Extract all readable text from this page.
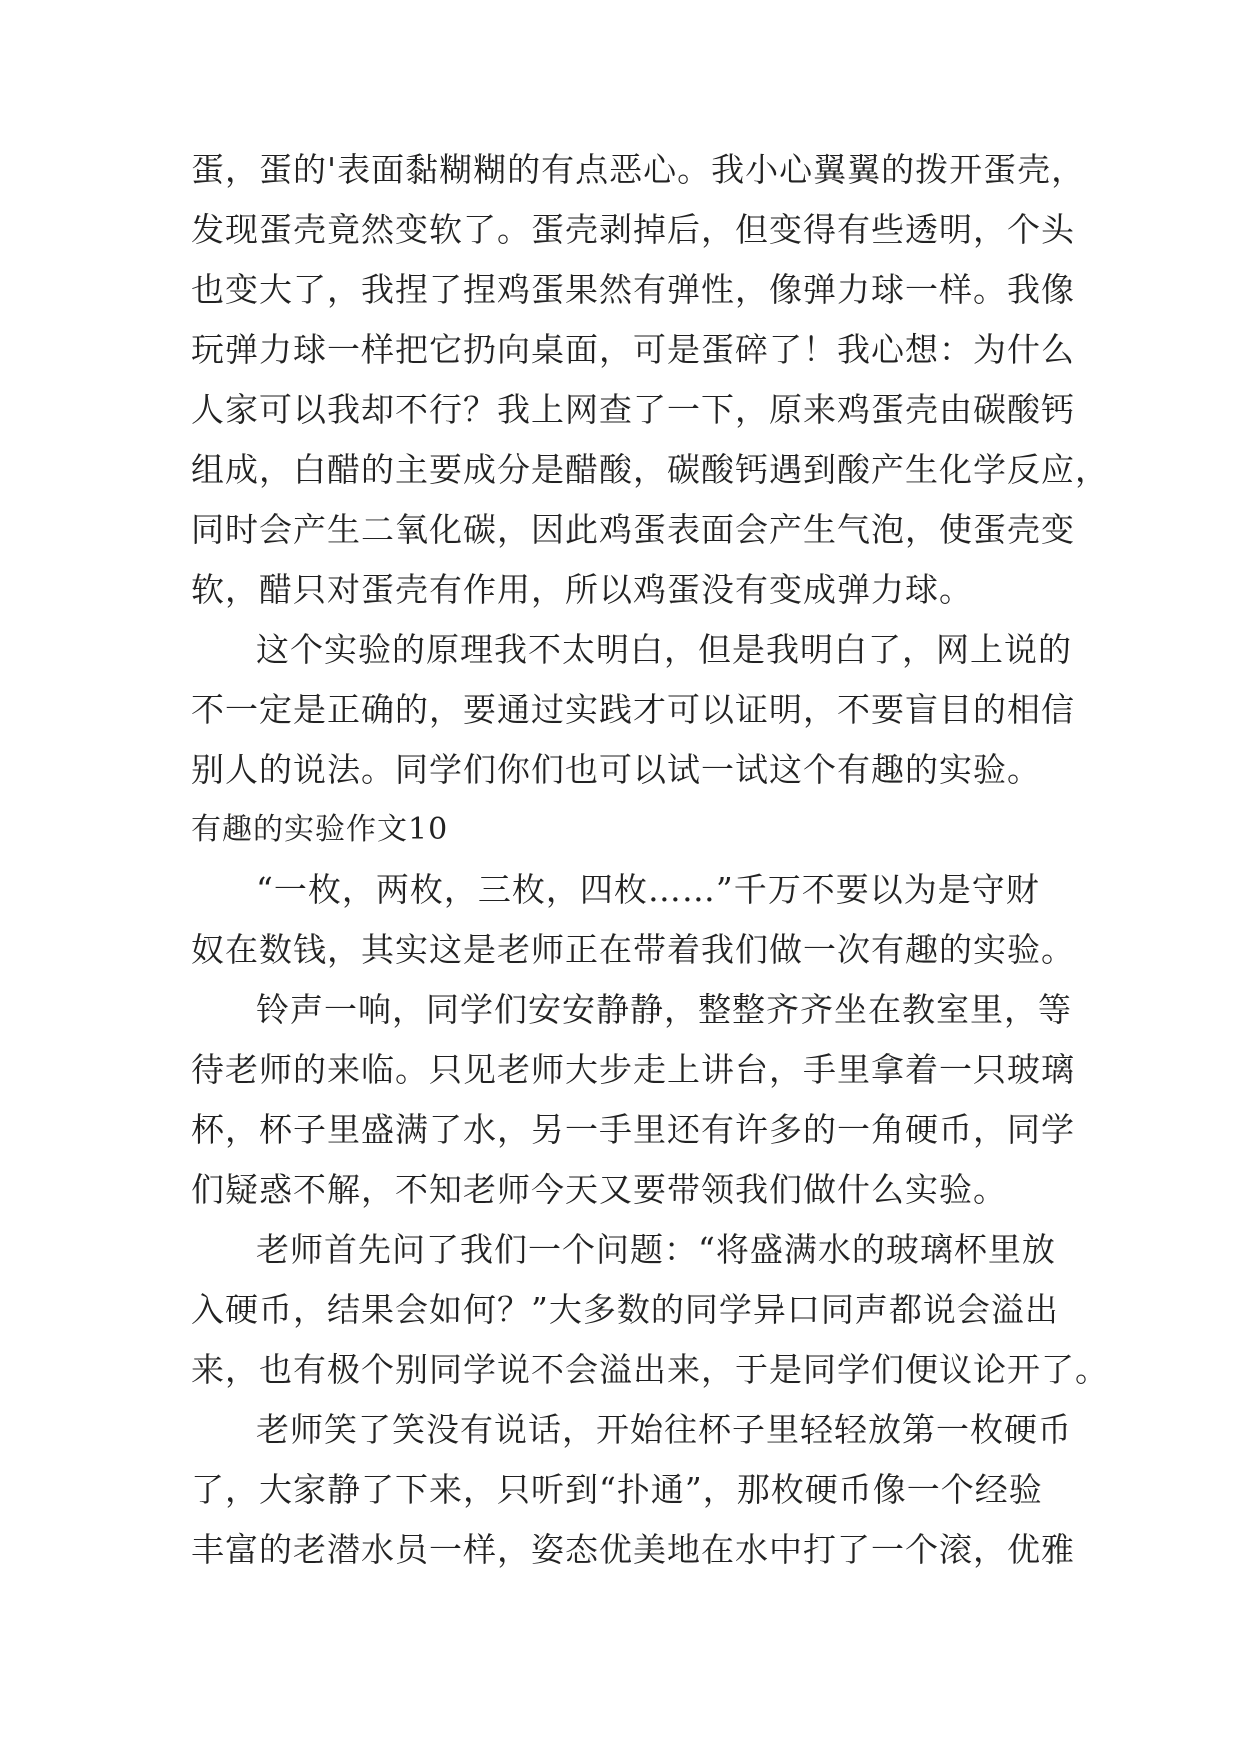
蛋，蛋的'表面黏糊糊的有点恶心。我小心翼翼的拨开蛋壳，
发现蛋壳竟然变软了。蛋壳剥掉后，但变得有些透明，个头
也变大了，我捏了捏鸡蛋果然有弹性，像弹力球一样。我像
玩弹力球一样把它扔向桌面，可是蛋碎了！我心想：为什么
人家可以我却不行？我上网查了一下，原来鸡蛋壳由碳酸钙
组成，白醋的主要成分是醋酸，碳酸钙遇到酸产生化学反应，
同时会产生二氧化碳，因此鸡蛋表面会产生气泡，使蛋壳变
软，醋只对蛋壳有作用，所以鸡蛋没有变成弹力球。
这个实验的原理我不太明白，但是我明白了，网上说的
不一定是正确的，要通过实践才可以证明，不要盲目的相信
别人的说法。同学们你们也可以试一试这个有趣的实验。
有趣的实验作文10
“一枚，两枚，三枚，四枚……”千万不要以为是守财
奴在数钱，其实这是老师正在带着我们做一次有趣的实验。
铃声一响，同学们安安静静，整整齐齐坐在教室里，等
待老师的来临。只见老师大步走上讲台，手里拿着一只玻璃
杯，杯子里盛满了水，另一手里还有许多的一角硬币，同学
们疑惑不解，不知老师今天又要带领我们做什么实验。
老师首先问了我们一个问题：“将盛满水的玻璃杯里放
入硬币，结果会如何？”大多数的同学异口同声都说会溢出
来，也有极个别同学说不会溢出来，于是同学们便议论开了。
老师笑了笑没有说话，开始往杯子里轻轻放第一枚硬币
了，大家静了下来，只听到“扑通”，那枚硬币像一个经验
丰富的老潜水员一样，姿态优美地在水中打了一个滚，优雅
